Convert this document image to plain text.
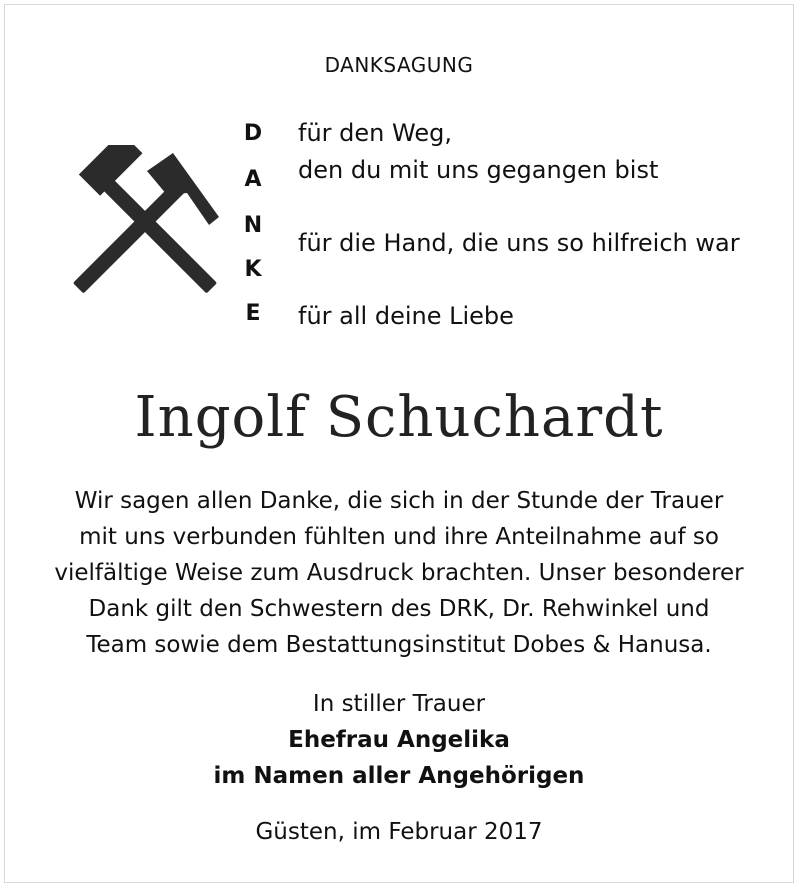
DANKSAGUNG
D
A
N
K
E
für den Weg,
den du mit uns gegangen bist
für die Hand, die uns so hilfreich war
für all deine Liebe
Ingolf Schuchardt
Wir sagen allen Danke, die sich in der Stunde der Trauer
mit uns verbunden fühlten und ihre Anteilnahme auf so
vielfältige Weise zum Ausdruck brachten. Unser besonderer
Dank gilt den Schwestern des DRK, Dr. Rehwinkel und
Team sowie dem Bestattungsinstitut Dobes & Hanusa.
In stiller Trauer
Ehefrau Angelika
im Namen aller Angehörigen
Güsten, im Februar 2017
